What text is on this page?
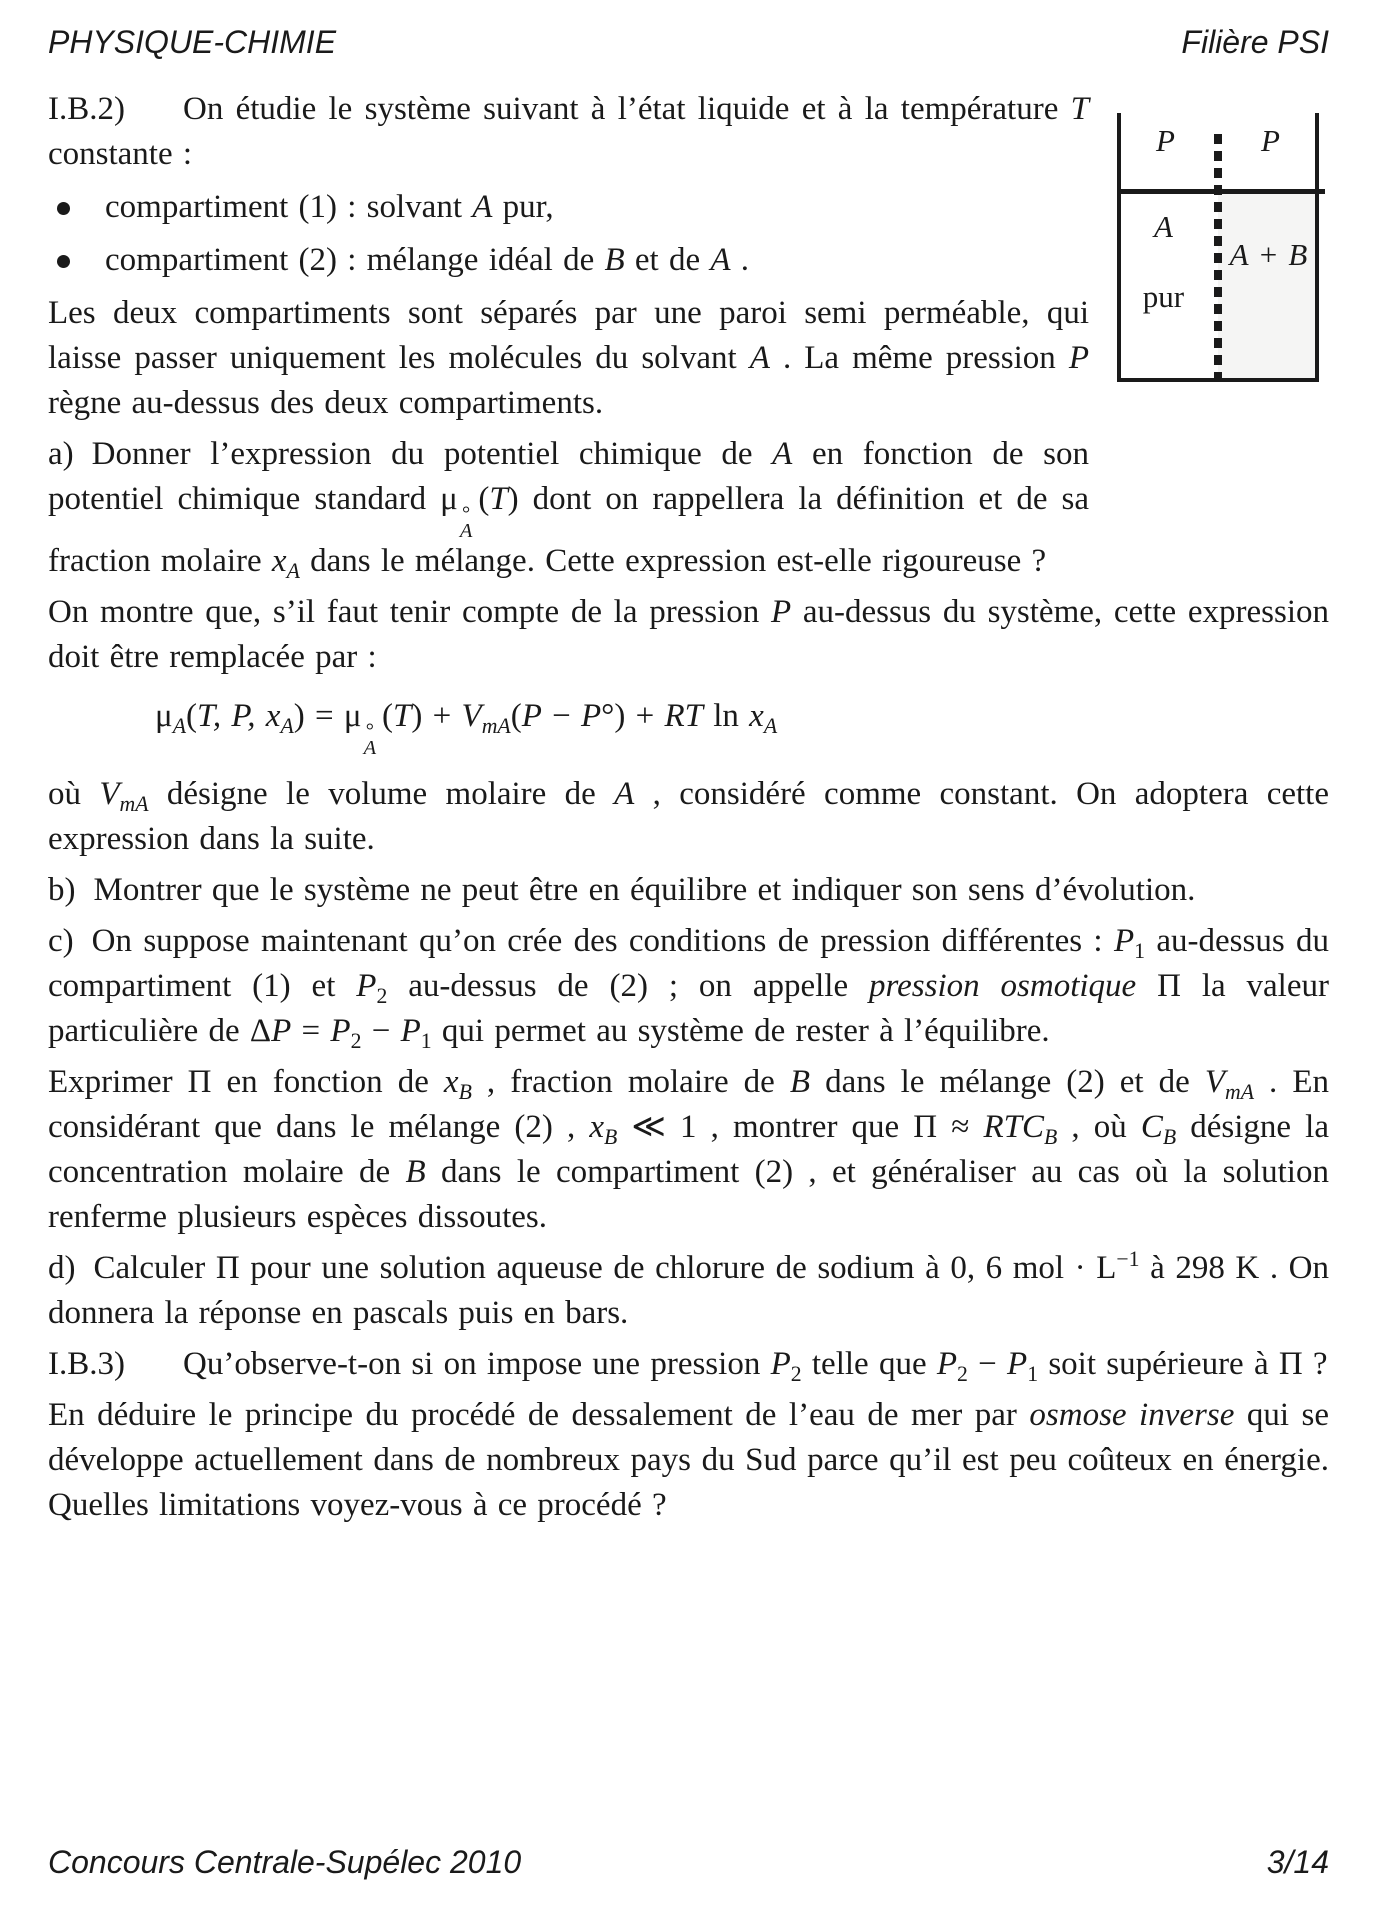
PHYSIQUE-CHIMIE	Filière PSI
P	P
A
pur
A + B

I.B.2) On étudie le système suivant à l’état liquide et à la température T constante :

compartiment (1) : solvant A pur,
compartiment (2) : mélange idéal de B et de A .

Les deux compartiments sont séparés par une paroi semi perméable, qui laisse passer uniquement les molécules du solvant A . La même pression P règne au-dessus des deux compartiments.

a) Donner l’expression du potentiel chimique de A en fonction de son potentiel chimique standard μ °
A
(T) dont on rappellera la définition et de sa fraction molaire $x_A$ dans le mélange. Cette expression est-elle rigoureuse ?

On montre que, s’il faut tenir compte de la pression P au-dessus du système, cette expression doit être remplacée par :

$\mu_A(T$, P, $x_A) = \mu$ °
A
$(T) + V_{mA}(P - P^\circ)$ + RT $\ln x_A$

où $V_{mA}$ désigne le volume molaire de A , considéré comme constant. On adoptera cette expression dans la suite.

b) Montrer que le système ne peut être en équilibre et indiquer son sens d’évolution.

c) On suppose maintenant qu’on crée des conditions de pression différentes : $P_1$ au-dessus du compartiment (1) et $P_2$ au-dessus de (2) ; on appelle pression osmotique Π la valeur particulière de $\Delta P = P_2 - P_1$ qui permet au système de rester à l’équilibre.

Exprimer Π en fonction de $x_B$ , fraction molaire de B dans le mélange (2) et de $V_{mA}$ . En considérant que dans le mélange (2) , $x_B$ ≪ 1 , montrer que $\Pi \approx RTC_B$ , où $C_B$ désigne la concentration molaire de B dans le compartiment (2) , et généraliser au cas où la solution renferme plusieurs espèces dissoutes.

d) Calculer Π pour une solution aqueuse de chlorure de sodium à 0, 6 mol · $L^{-1}$ à 298 K . On donnera la réponse en pascals puis en bars.

I.B.3) Qu’observe-t-on si on impose une pression $P_2$ telle que $P_2 - P_1$ soit supérieure à Π ?

En déduire le principe du procédé de dessalement de l’eau de mer par osmose inverse qui se développe actuellement dans de nombreux pays du Sud parce qu’il est peu coûteux en énergie. Quelles limitations voyez-vous à ce procédé ?

Concours Centrale-Supélec 2010	3/14
